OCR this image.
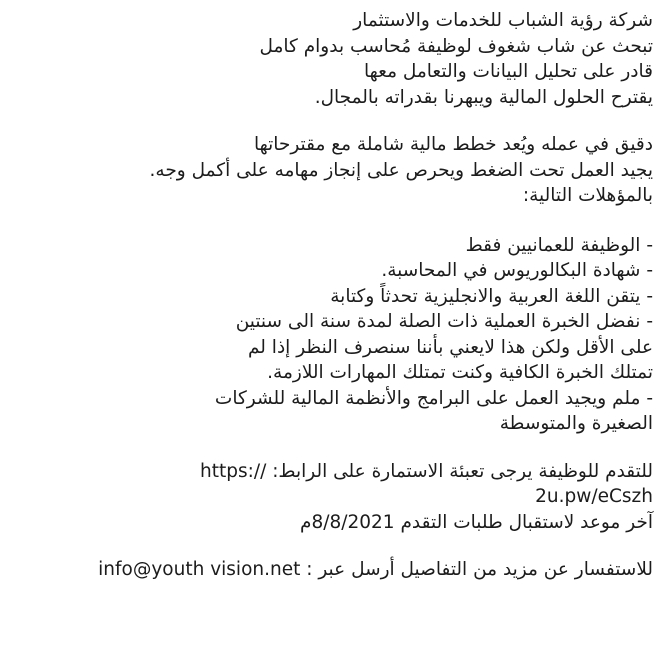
شركة رؤية الشباب للخدمات والاستثمار
تبحث عن شاب شغوف لوظيفة مُحاسب بدوام كامل
قادر على تحليل البيانات والتعامل معها
يقترح الحلول المالية ويبهرنا بقدراته بالمجال.
دقيق في عمله ويُعد خطط مالية شاملة مع مقترحاتها
يجيد العمل تحت الضغط ويحرص على إنجاز مهامه على أكمل وجه.
بالمؤهلات التالية:
- الوظيفة للعمانيين فقط
- شهادة البكالوريوس في المحاسبة.
- يتقن اللغة العربية والانجليزية تحدثاً وكتابة
- نفضل الخبرة العملية ذات الصلة لمدة سنة الى سنتين
على الأقل ولكن هذا لايعني بأننا سنصرف النظر إذا لم
تمتلك الخبرة الكافية وكنت تمتلك المهارات اللازمة.
- ملم ويجيد العمل على البرامج والأنظمة المالية للشركات
الصغيرة والمتوسطة
للتقدم للوظيفة يرجى تعبئة الاستمارة على الرابط: //:https
2u.pw/eCszh
آخر موعد لاستقبال طلبات التقدم 8/8/2021م
للاستفسار عن مزيد من التفاصيل أرسل عبر : info@youth vision.net
